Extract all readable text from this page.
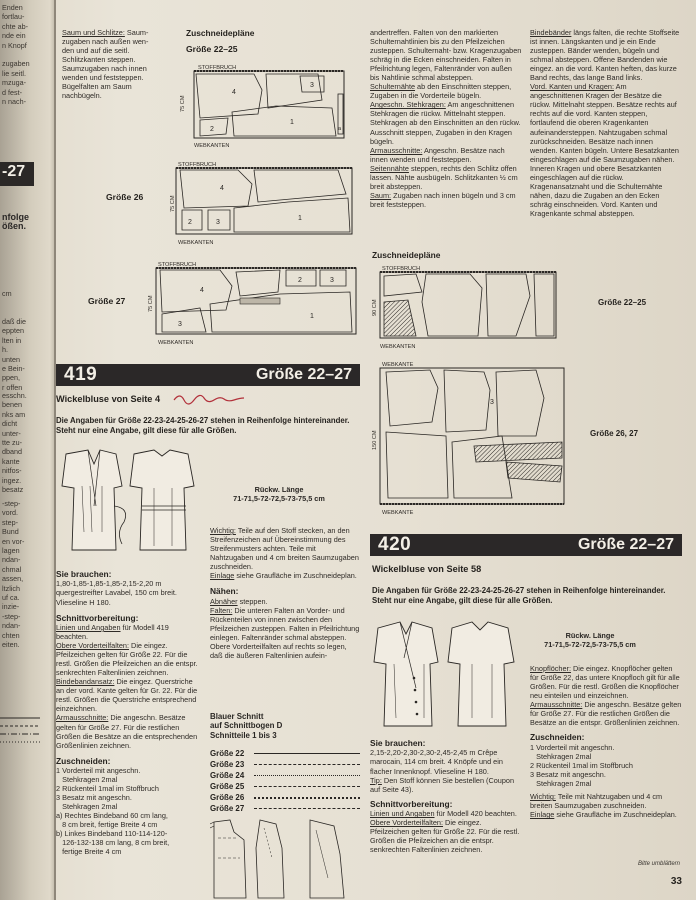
Enden
fortlau-
chte ab-
nde ein
n Knopf
zugaben
lie seitl.
mzuga-
d fest-
n nach-
-27
nfolge
ößen.
cm
daß die
eppten
lten in
h.
unten
e Bein-
ppen,
r offen
esschn.
benen
nks am
dicht
unter-
tte zu-
dband
kante
nitfos-
ingez.
besatz
-step-
vord.
step-
Bund
en vor-
lagen
ndan-
chmal
assen,
ltzlich
uf ca.
inzie-
-step-
ndan-
chten
eiten.

Saum und Schlitze: Saum-

zugaben nach außen wen-

den und auf die seitl.

Schlitzkanten steppen.

Saumzugaben nach innen

wenden und feststeppen.

Bügelfalten am Saum

nachbügeln.

Zuschneidepläne
Größe 22–25
STOFFBRUCH
75 CM
4
3
2
1
a
WEBKANTEN
Größe 26
STOFFBRUCH
75 CM
4
2	3
1
WEBKANTEN
Größe 27
STOFFBRUCH
75 CM
4
2	3
3
1
WEBKANTEN
419	Größe 22–27
Wickelbluse von Seite 4
Die Angaben für Größe 22-23-24-25-26-27 stehen in Reihenfolge hintereinander. Steht nur eine Angabe, gilt diese für alle Größen.
Rückw. Länge
71-71,5-72-72,5-73-75,5 cm
Sie brauchen:

1,80-1,85-1,85-1,85-2,15-2,20 m quergestreifter Lavabel, 150 cm breit. Vlieseline H 180.

Schnittvorbereitung:

Linien und Angaben für Modell 419 beachten.

Obere Vorderteilfalten: Die eingez. Pfeilzeichen gelten für Größe 22. Für die restl. Größen die Pfeilzeichen an die entspr. senkrechten Faltenlinien zeichnen.

Bindebandansatz: Die eingez. Querstriche an der vord. Kante gelten für Gr. 22. Für die restl. Größen die Querstriche entsprechend einzeichnen.

Armausschnitte: Die angeschn. Besätze gelten für Größe 27. Für die restlichen Größen die Besätze an die entsprechenden Größenlinien zeichnen.

Zuschneiden:
1 Vorderteil mit angeschn.
Stehkragen 2mal
2 Rückenteil 1mal im Stoffbruch
3 Besatz mit angeschn.
Stehkragen 2mal
a) Rechtes Bindeband 60 cm lang,
8 cm breit, fertige Breite 4 cm
b) Linkes Bindeband 110-114-120-
126-132-138 cm lang, 8 cm breit,
fertige Breite 4 cm

Wichtig: Teile auf den Stoff stecken, an den Streifenzeichen auf Übereinstimmung des Streifenmusters achten. Teile mit Nahtzugaben und 4 cm breiten Saumzugaben zuschneiden.

Einlage siehe Graufläche im Zuschneideplan.

Nähen:

Abnäher steppen.

Falten: Die unteren Falten an Vorder- und Rückenteilen von innen zwischen den Pfeilzeichen zusteppen. Falten in Pfeilrichtung einlegen. Faltenränder schmal absteppen. Obere Vorderteilfalten auf rechts so legen, daß die äußeren Faltenlinien aufein-

Blauer Schnitt
auf Schnittbogen D
Schnitteile 1 bis 3
Größe 22
Größe 23
Größe 24
Größe 25
Größe 26
Größe 27

andertreffen. Falten von den markierten Schulternahtlinien bis zu den Pfeilzeichen zusteppen. Schulternaht- bzw. Kragenzugaben schräg in die Ecken einschneiden. Falten in Pfeilrichtung legen, Faltenränder von außen bis Nahtlinie schmal absteppen.

Schulternähte ab den Einschnitten steppen, Zugaben in die Vorderteile bügeln.

Angeschn. Stehkragen: Am angeschnittenen Stehkragen die rückw. Mittelnaht steppen. Stehkragen ab den Einschnitten an den rückw. Ausschnitt steppen, Zugaben in den Kragen bügeln.

Armausschnitte: Angeschn. Besätze nach innen wenden und feststeppen.

Seitennähte steppen, rechts den Schlitz offen lassen. Nähte ausbügeln. Schlitzkanten ½ cm breit absteppen.

Saum: Zugaben nach innen bügeln und 3 cm breit feststeppen.

Bindebänder längs falten, die rechte Stoffseite ist innen. Längskanten und je ein Ende zusteppen. Bänder wenden, bügeln und schmal absteppen. Offene Bandenden wie eingez. an die vord. Kanten heften, das kurze Band rechts, das lange Band links.

Vord. Kanten und Kragen: Am angeschnittenen Kragen der Besätze die rückw. Mittelnaht steppen. Besätze rechts auf rechts auf die vord. Kanten steppen, fortlaufend die oberen Kragenkanten aufeinandersteppen. Nahtzugaben schmal zurückschneiden. Besätze nach innen wenden. Kanten bügeln. Untere Besatzkanten eingeschlagen auf die Saumzugaben nähen. Inneren Kragen und obere Besatzkanten eingeschlagen auf die rückw. Kragenansatznaht und die Schulternähte nähen, dazu die Zugaben an den Ecken schräg einschneiden. Vord. Kanten und Kragenkante schmal absteppen.

Zuschneidepläne
STOFFBRUCH
90 CM
WEBKANTEN
Größe 22–25
WEBKANTE
150 CM
3
WEBKANTE
Größe 26, 27
420	Größe 22–27
Wickelbluse von Seite 58
Die Angaben für Größe 22-23-24-25-26-27 stehen in Reihenfolge hintereinander. Steht nur eine Angabe, gilt diese für alle Größen.
Rückw. Länge
71-71,5-72-72,5-73-75,5 cm
Sie brauchen:

2,15-2,20-2,30-2,30-2,45-2,45 m Crêpe marocain, 114 cm breit. 4 Knöpfe und ein flacher Innenknopf. Vlieseline H 180.

Tip: Den Stoff können Sie bestellen (Coupon auf Seite 43).

Schnittvorbereitung:

Linien und Angaben für Modell 420 beachten.

Obere Vorderteilfalten: Die eingez. Pfeilzeichen gelten für Größe 22. Für die restl. Größen die Pfeilzeichen an die entspr. senkrechten Faltenlinien zeichnen.

Knopflöcher: Die eingez. Knopflöcher gelten für Größe 22, das untere Knopfloch gilt für alle Größen. Für die restl. Größen die Knopflöcher neu einteilen und einzeichnen.

Armausschnitte: Die angeschn. Besätze gelten für Größe 27. Für die restlichen Größen die Besätze an die entspr. Größenlinien zeichnen.

Zuschneiden:
1 Vorderteil mit angeschn.
Stehkragen 2mal
2 Rückenteil 1mal im Stoffbruch
3 Besatz mit angeschn.
Stehkragen 2mal

Wichtig: Teile mit Nahtzugaben und 4 cm breiten Saumzugaben zuschneiden.

Einlage siehe Graufläche im Zuschneideplan.

Bitte umblättern
33
